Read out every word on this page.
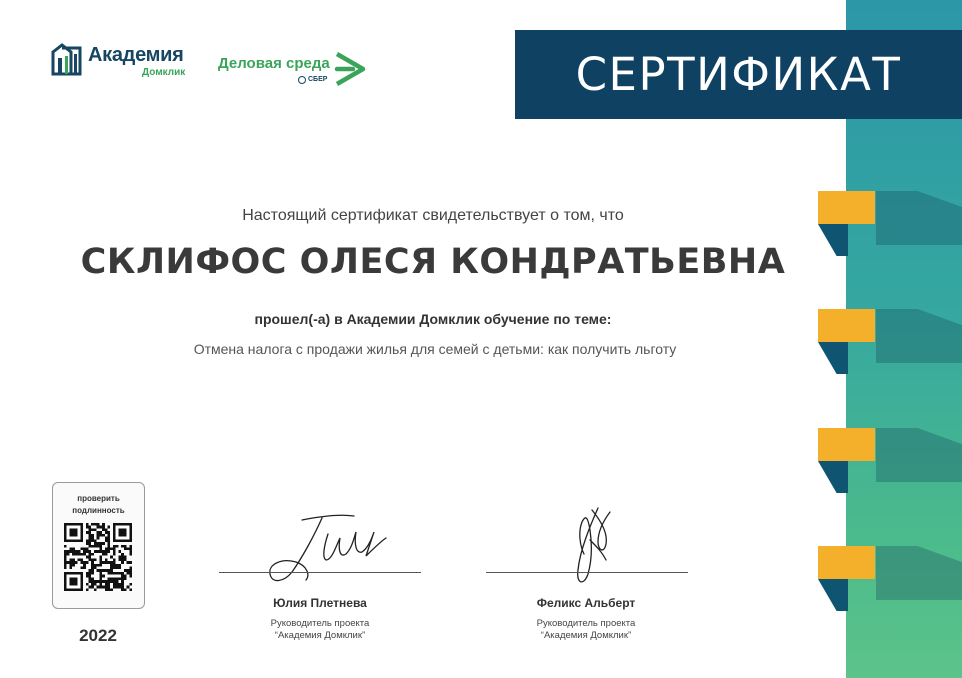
СЕРТИФИКАТ
Академия
Домклик
Деловая среда
СБЕР
Настоящий сертификат свидетельствует о том, что
СКЛИФОС ОЛЕСЯ КОНДРАТЬЕВНА
прошел(-а) в Академии Домклик обучение по теме:
Отмена налога с продажи жилья для семей с детьми: как получить льготу
проверить подлинность
2022
Юлия Плетнева
Руководитель проекта
“Академия Домклик”
Феликс Альберт
Руководитель проекта
“Академия Домклик”
